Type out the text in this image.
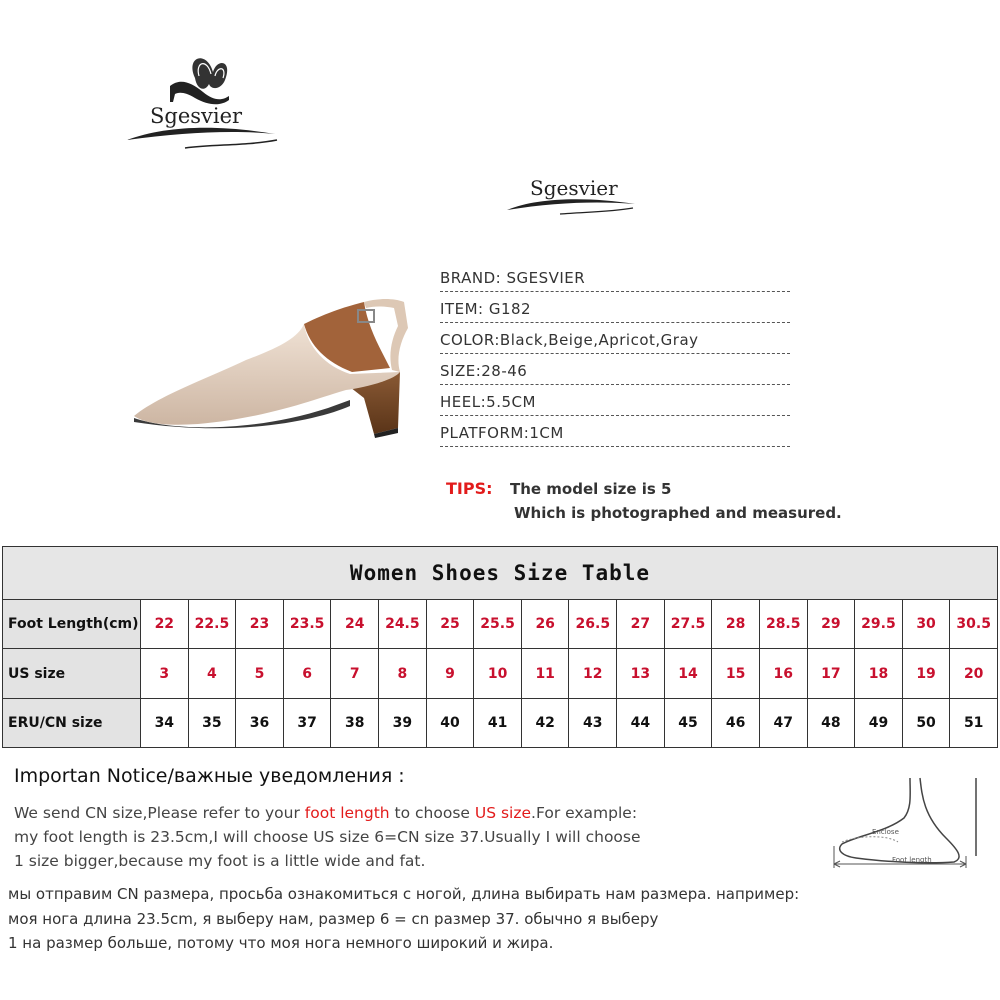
Sgesvier
Sgesvier
BRAND: SGESVIER
ITEM: G182
COLOR:Black,Beige,Apricot,Gray
SIZE:28-46
HEEL:5.5CM
PLATFORM:1CM
TIPS: The model size is 5
Which is photographed and measured.
Women Shoes Size Table																		
Foot Length(cm)	22	22.5	23	23.5	24	24.5	25	25.5	26	26.5	27	27.5	28	28.5	29	29.5	30	30.5
US size	3	4	5	6	7	8	9	10	11	12	13	14	15	16	17	18	19	20
ERU/CN size	34	35	36	37	38	39	40	41	42	43	44	45	46	47	48	49	50	51
Importan Notice/важные уведомления :
We send CN size,Please refer to your foot length to choose US size.For example:
my foot length is 23.5cm,I will choose US size 6=CN size 37.Usually I will choose
1 size bigger,because my foot is a little wide and fat.
мы отправим CN размера, просьба ознакомиться с ногой, длина выбирать нам размера. например:
моя нога длина 23.5cm, я выберу нам, размер 6 = cn размер 37. обычно я выберу
1 на размер больше, потому что моя нога немного широкий и жира.
Enclose
Foot length
